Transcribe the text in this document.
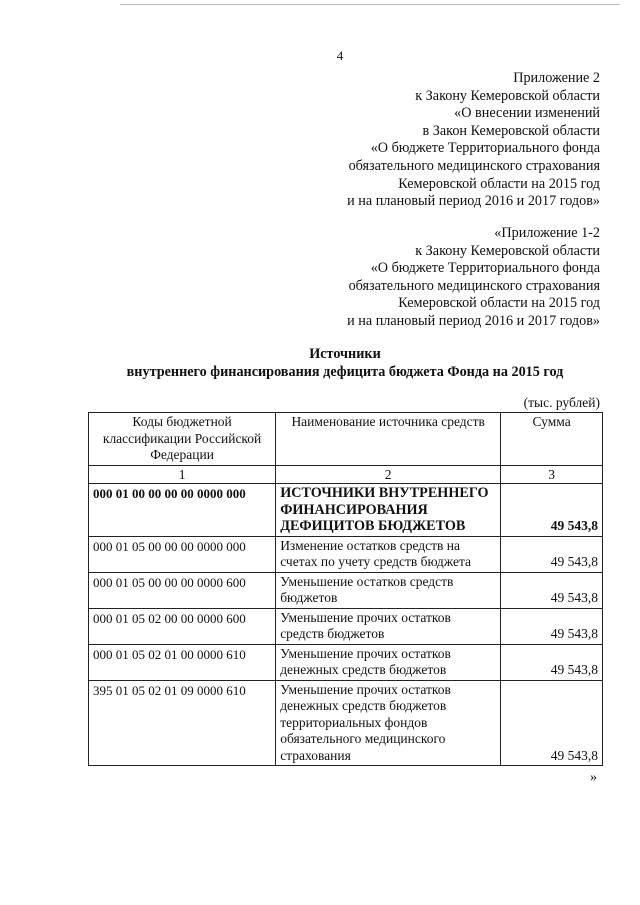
4
Приложение 2
к Закону Кемеровской области
«О внесении изменений
в Закон Кемеровской области
«О бюджете Территориального фонда
обязательного медицинского страхования
Кемеровской области на 2015 год
и на плановый период 2016 и 2017 годов»
«Приложение 1-2
к Закону Кемеровской области
«О бюджете Территориального фонда
обязательного медицинского страхования
Кемеровской области на 2015 год
и на плановый период 2016 и 2017 годов»
Источники
внутреннего финансирования дефицита бюджета Фонда на 2015 год
(тыс. рублей)
Коды бюджетной классификации Российской Федерации	Наименование источника средств	Сумма
1	2	3
000 01 00 00 00 00 0000 000	ИСТОЧНИКИ ВНУТРЕННЕГО ФИНАНСИРОВАНИЯ ДЕФИЦИТОВ БЮДЖЕТОВ	49 543,8
000 01 05 00 00 00 0000 000	Изменение остатков средств на счетах по учету средств бюджета	49 543,8
000 01 05 00 00 00 0000 600	Уменьшение остатков средств бюджетов	49 543,8
000 01 05 02 00 00 0000 600	Уменьшение прочих остатков средств бюджетов	49 543,8
000 01 05 02 01 00 0000 610	Уменьшение прочих остатков денежных средств бюджетов	49 543,8
395 01 05 02 01 09 0000 610	Уменьшение прочих остатков денежных средств бюджетов территориальных фондов обязательного медицинского страхования	49 543,8
»
